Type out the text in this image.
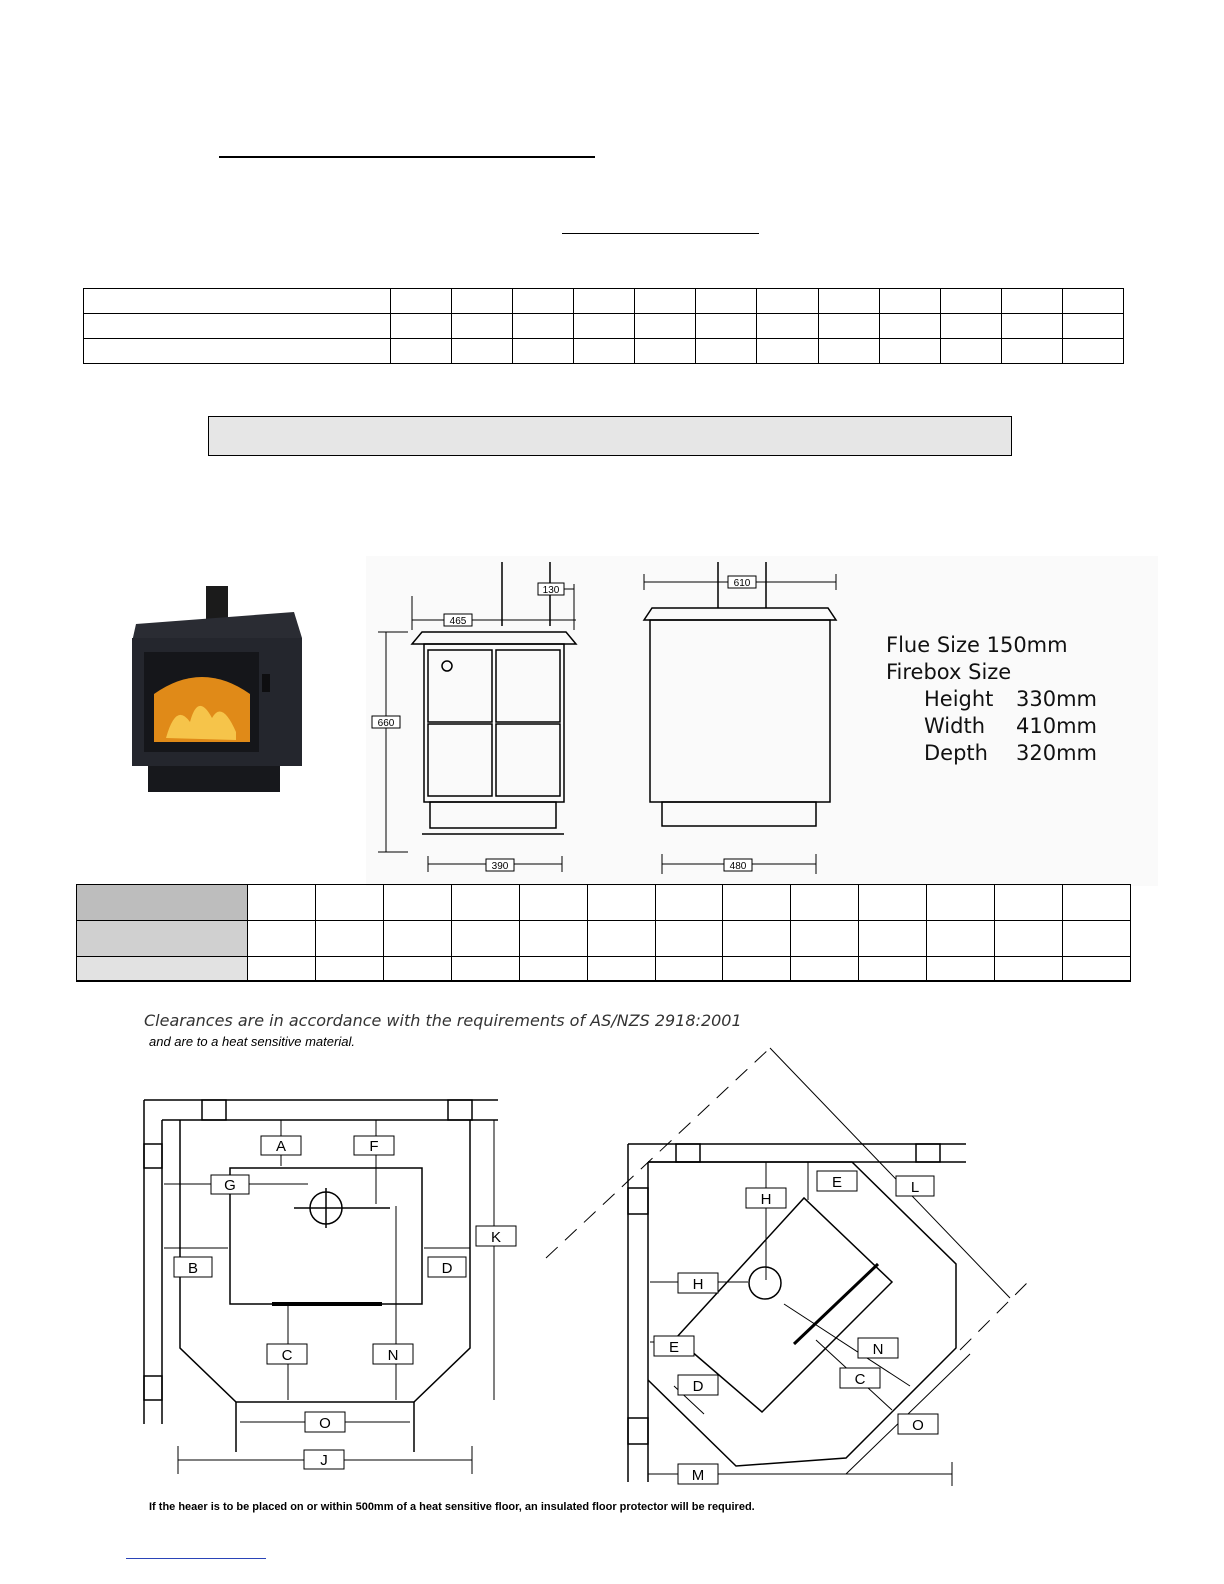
130
465
660
390
610
480
Flue Size 150mm
Firebox Size
Height	330mm
Width	410mm
Depth	320mm

Clearances are in accordance with the requirements of AS/NZS 2918:2001
and are to a heat sensitive material.
A	F
G
B	D
K
C	N
O
J
E	L
H
H
E	N
D	C
O
M
If the heaer is to be placed on or within 500mm of a heat sensitive floor, an insulated floor protector will be required.
